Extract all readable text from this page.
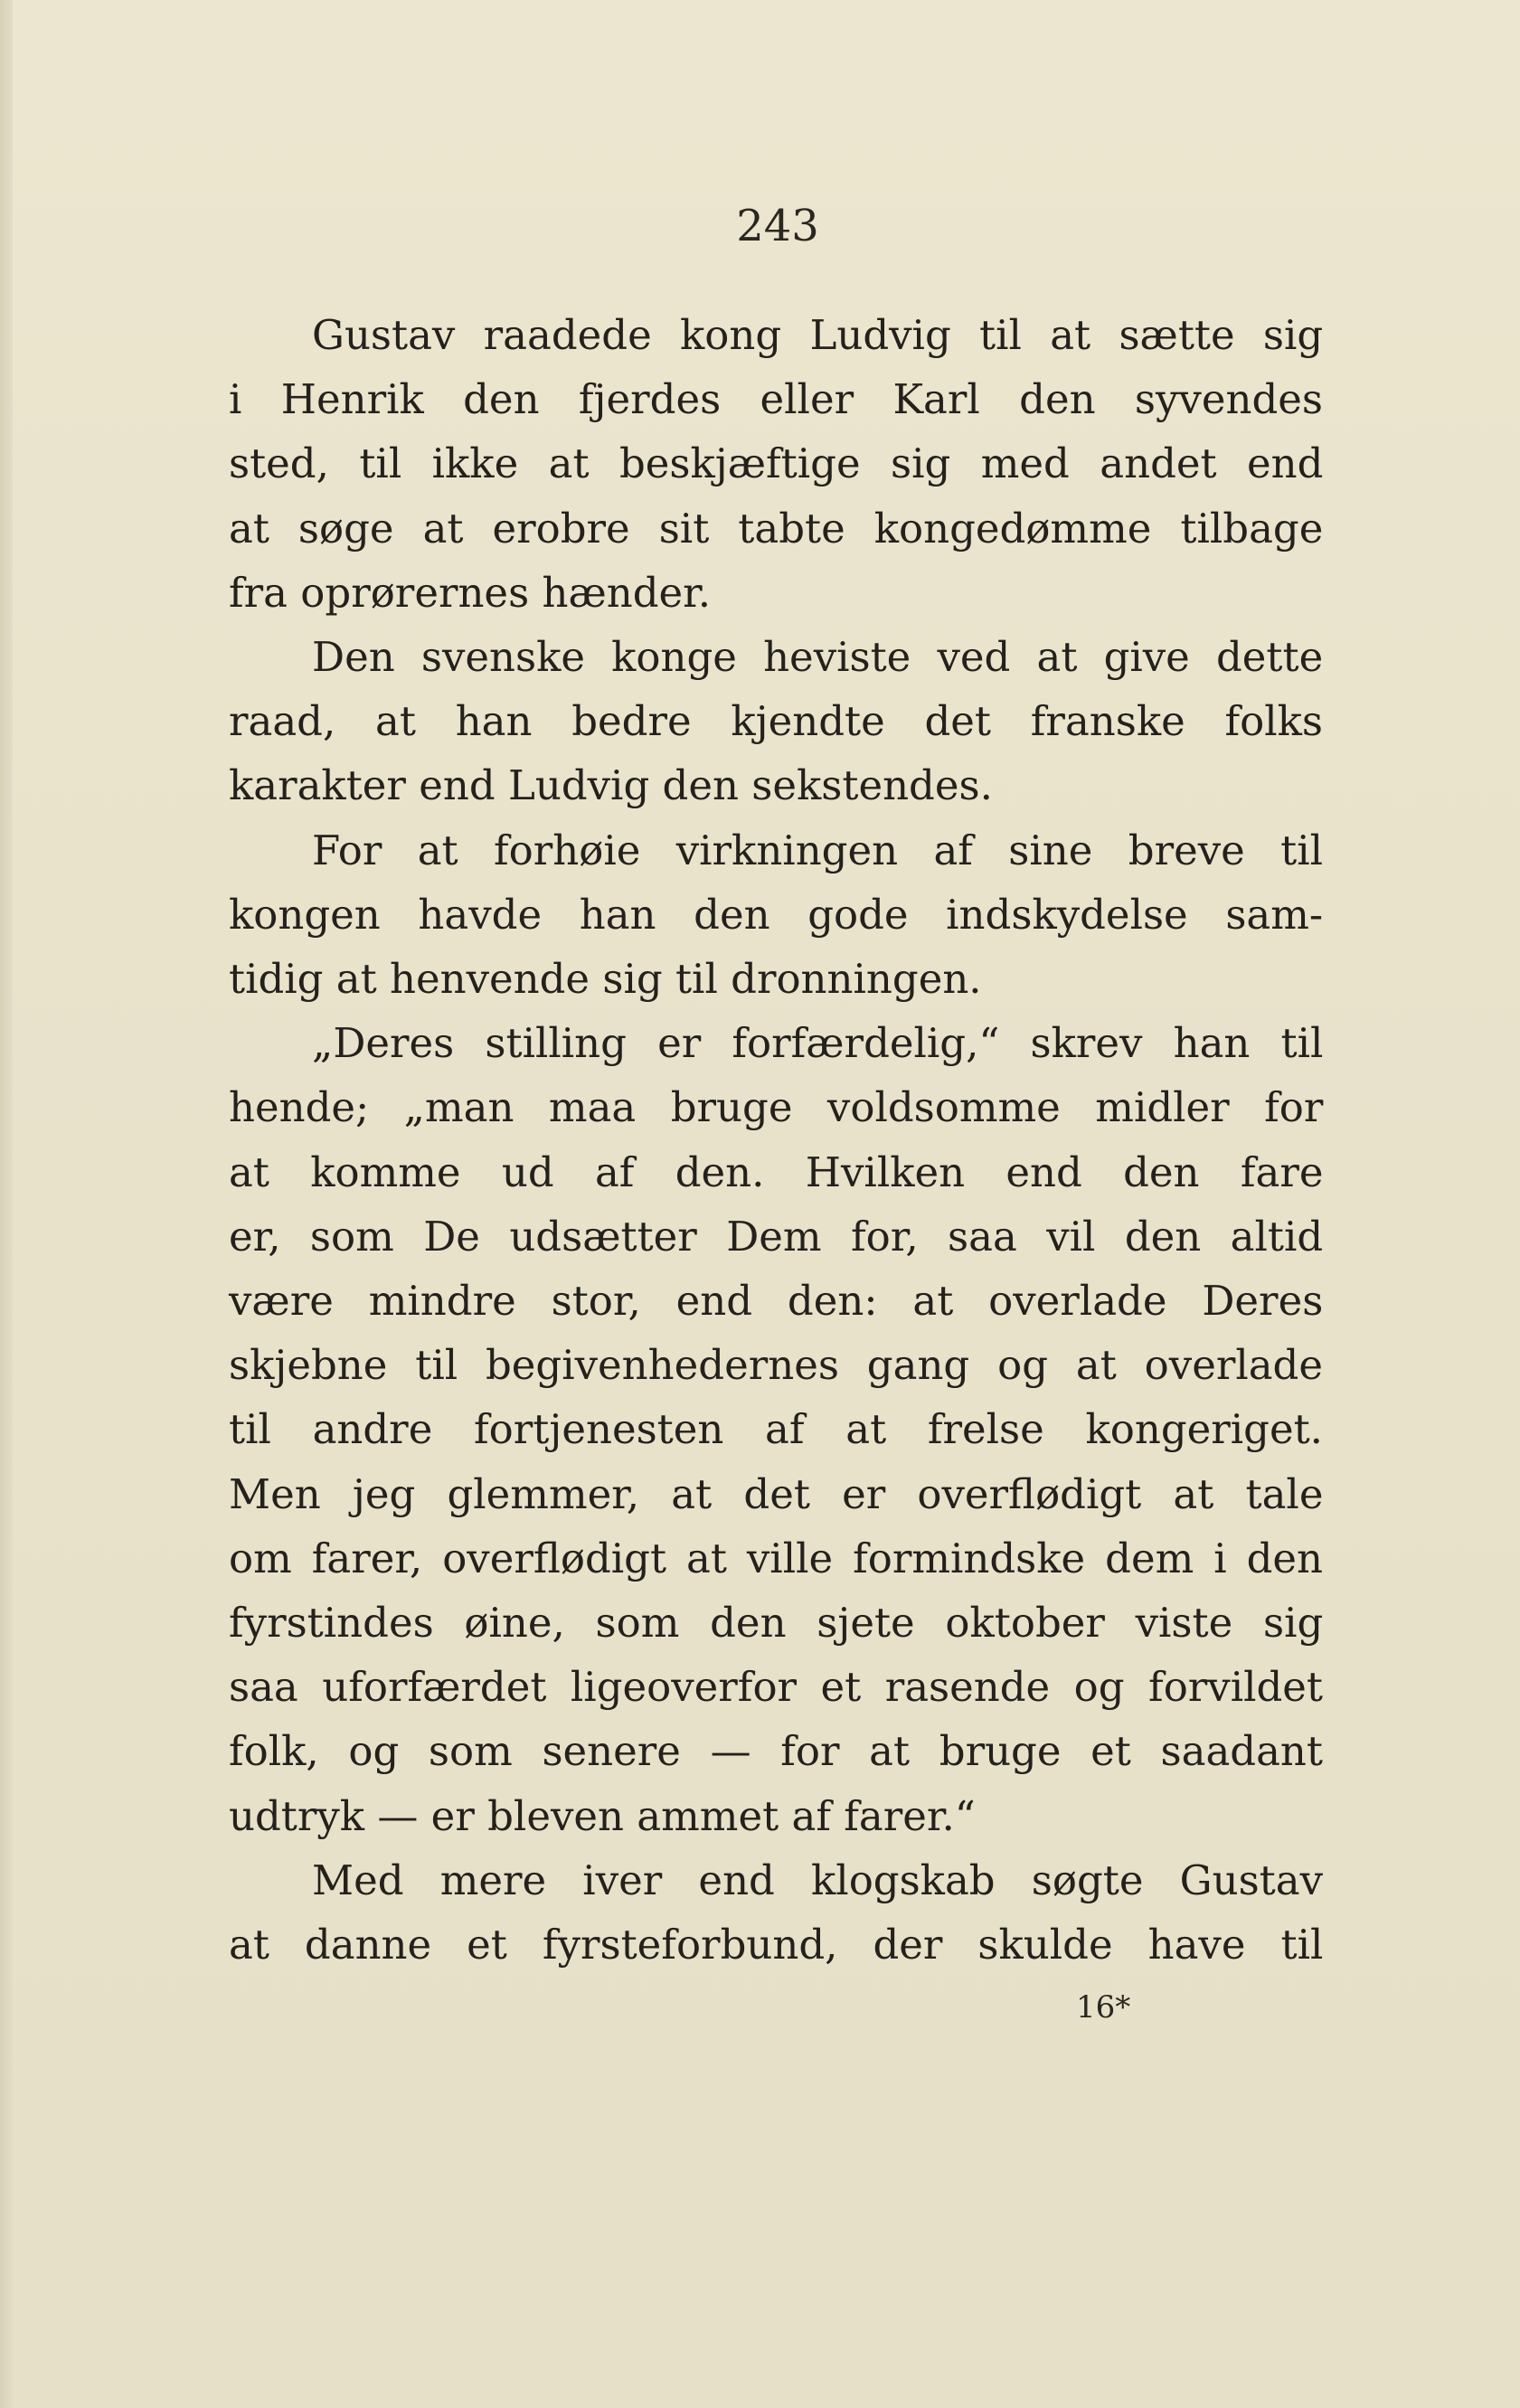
243

Gustav raadede kong Ludvig til at sætte sig
i Henrik den fjerdes eller Karl den syvendes
sted, til ikke at beskjæftige sig med andet end
at søge at erobre sit tabte kongedømme tilbage
fra oprørernes hænder.

Den svenske konge heviste ved at give dette
raad, at han bedre kjendte det franske folks
karakter end Ludvig den sekstendes.

For at forhøie virkningen af sine breve til
kongen havde han den gode indskydelse sam-
tidig at henvende sig til dronningen.

„Deres stilling er forfærdelig,“ skrev han til
hende; „man maa bruge voldsomme midler for
at komme ud af den. Hvilken end den fare
er, som De udsætter Dem for, saa vil den altid
være mindre stor, end den: at overlade Deres
skjebne til begivenhedernes gang og at overlade
til andre fortjenesten af at frelse kongeriget.
Men jeg glemmer, at det er overflødigt at tale
om farer, overflødigt at ville formindske dem i den
fyrstindes øine, som den sjete oktober viste sig
saa uforfærdet ligeoverfor et rasende og forvildet
folk, og som senere — for at bruge et saadant
udtryk — er bleven ammet af farer.“

Med mere iver end klogskab søgte Gustav
at danne et fyrsteforbund, der skulde have til

16*
